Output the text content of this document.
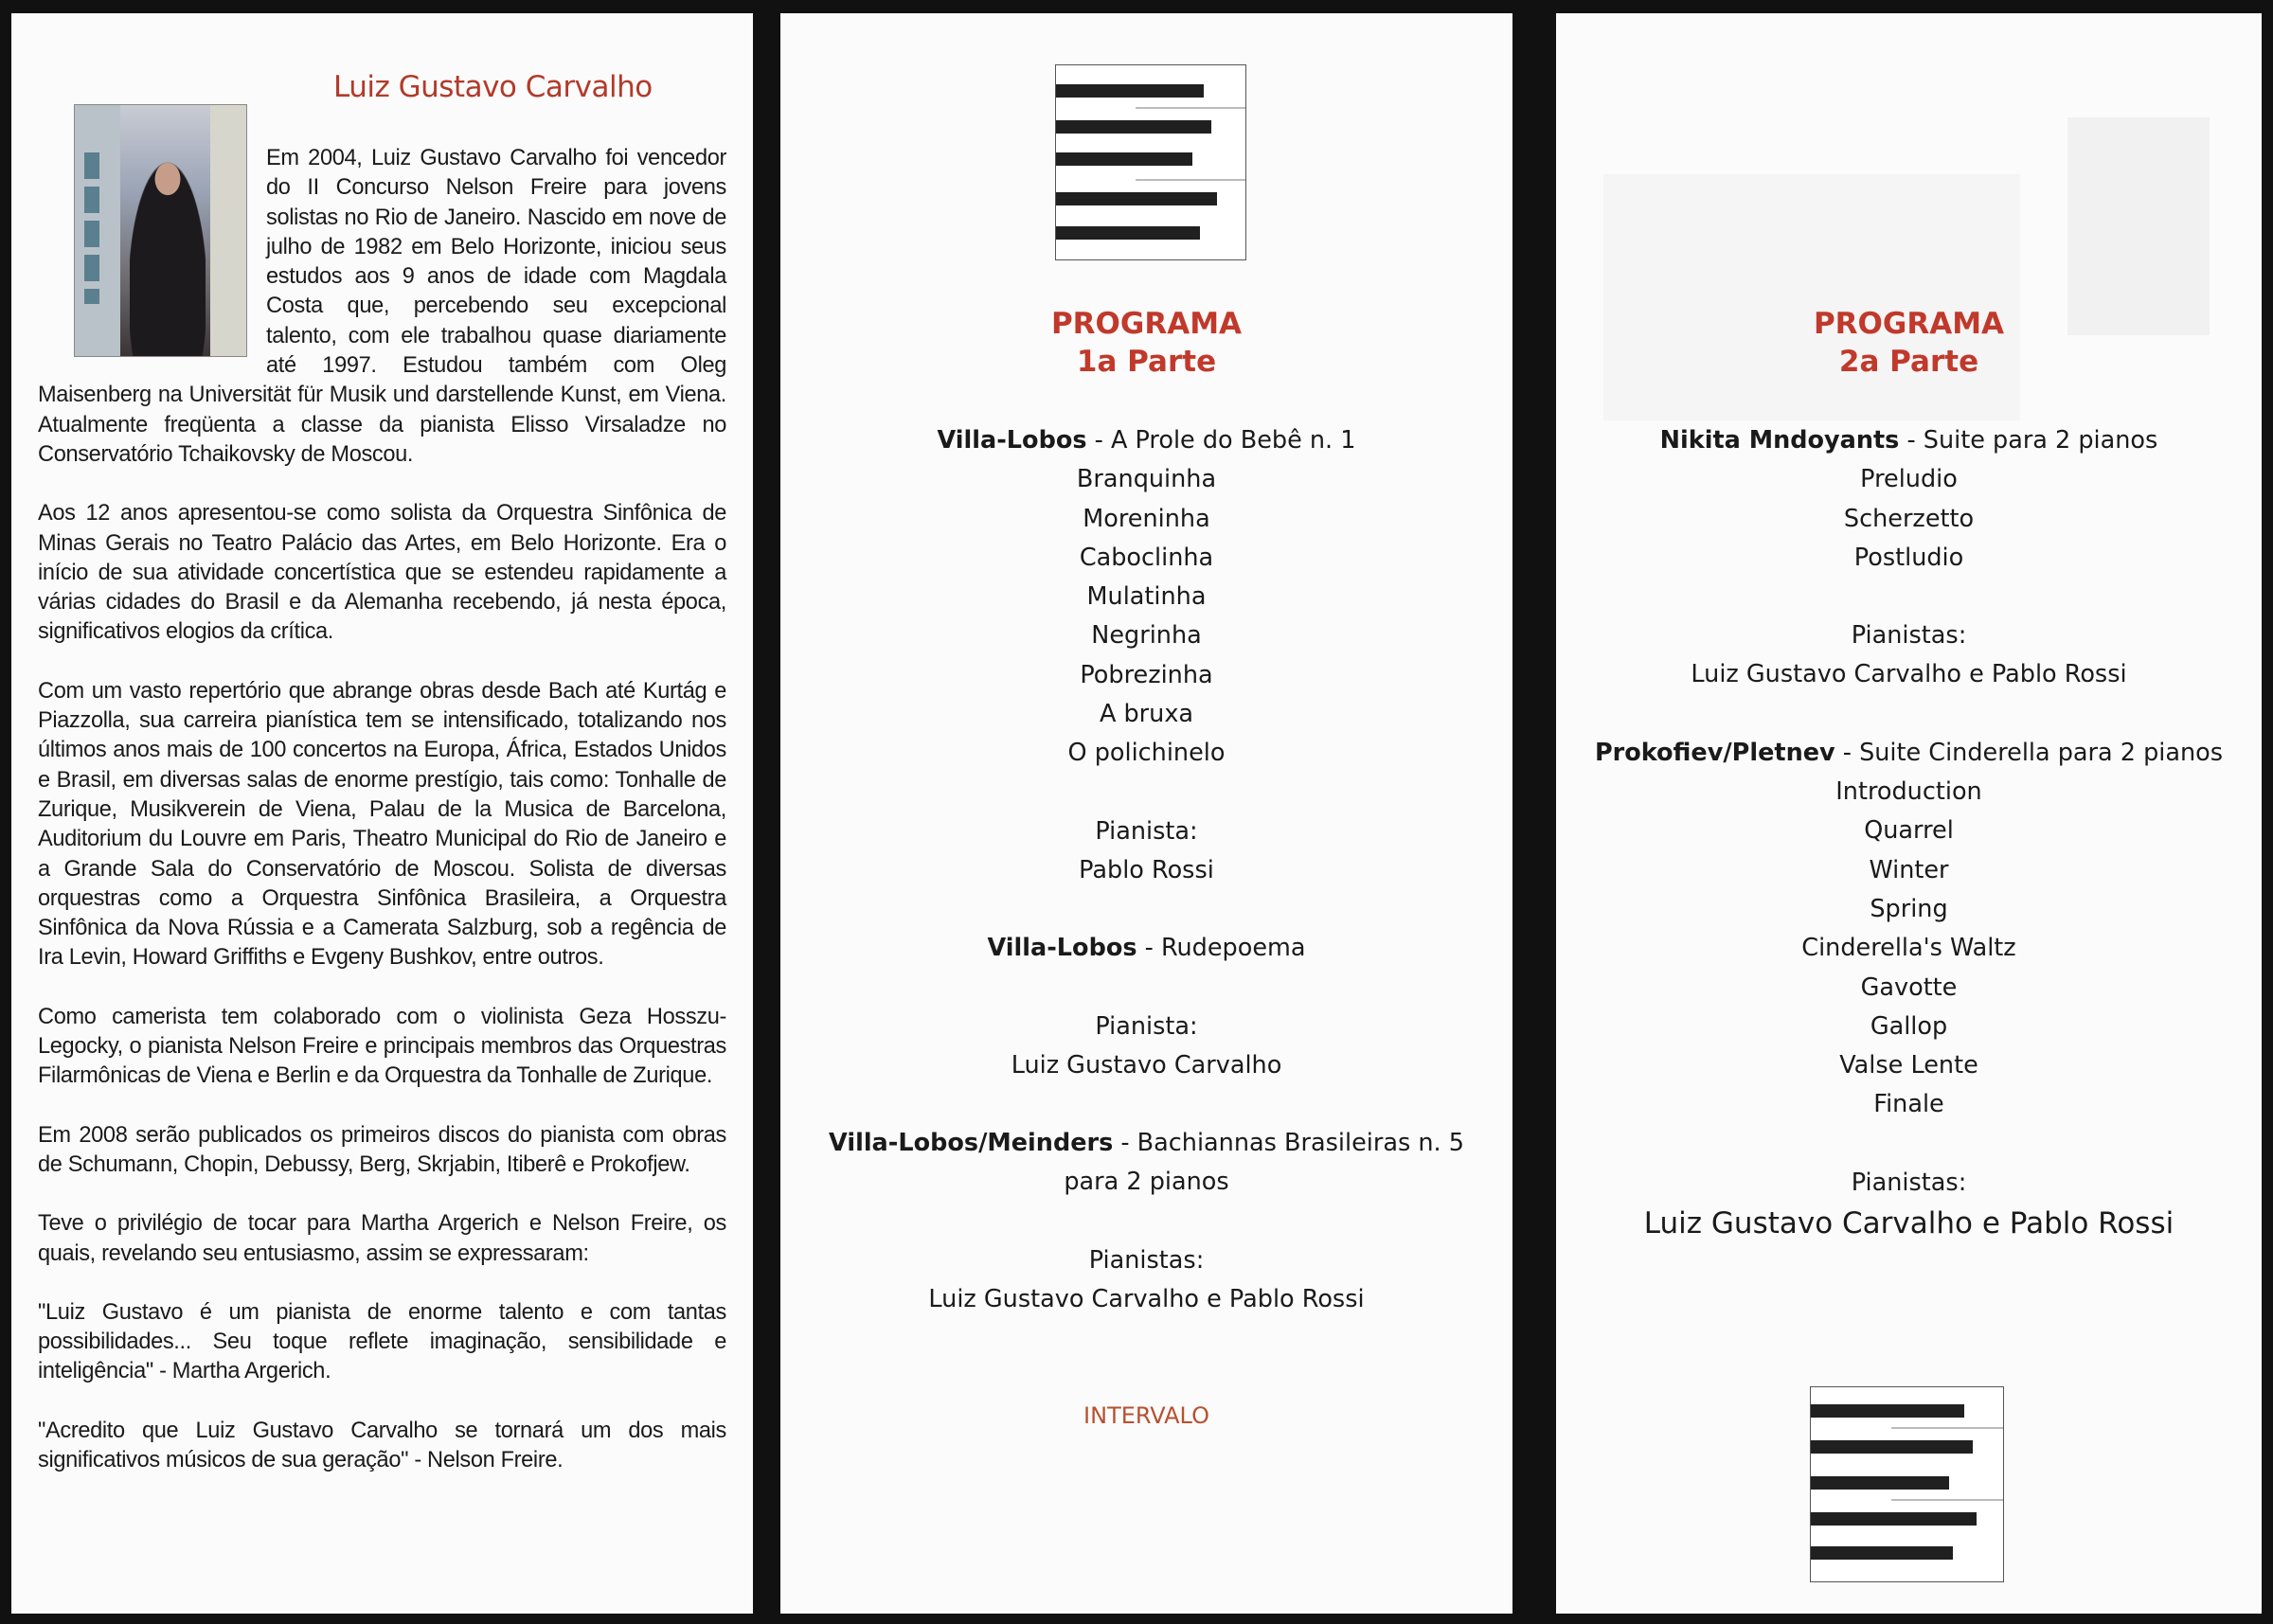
Luiz Gustavo Carvalho

Em 2004, Luiz Gustavo Carvalho foi vencedor do II Concurso Nelson Freire para jovens solistas no Rio de Janeiro. Nascido em nove de julho de 1982 em Belo Horizonte, iniciou seus estudos aos 9 anos de idade com Magdala Costa que, percebendo seu excepcional talento, com ele trabalhou quase diariamente até 1997. Estudou também com Oleg Maisenberg na Universität für Musik und darstellende Kunst, em Viena. Atualmente freqüenta a classe da pianista Elisso Virsaladze no Conservatório Tchaikovsky de Moscou.

Aos 12 anos apresentou-se como solista da Orquestra Sinfônica de Minas Gerais no Teatro Palácio das Artes, em Belo Horizonte. Era o início de sua atividade concertística que se estendeu rapidamente a várias cidades do Brasil e da Alemanha recebendo, já nesta época, significativos elogios da crítica.

Com um vasto repertório que abrange obras desde Bach até Kurtág e Piazzolla, sua carreira pianística tem se intensificado, totalizando nos últimos anos mais de 100 concertos na Europa, África, Estados Unidos e Brasil, em diversas salas de enorme prestígio, tais como: Tonhalle de Zurique, Musikverein de Viena, Palau de la Musica de Barcelona, Auditorium du Louvre em Paris, Theatro Municipal do Rio de Janeiro e a Grande Sala do Conservatório de Moscou. Solista de diversas orquestras como a Orquestra Sinfônica Brasileira, a Orquestra Sinfônica da Nova Rússia e a Camerata Salzburg, sob a regência de Ira Levin, Howard Griffiths e Evgeny Bushkov, entre outros.

Como camerista tem colaborado com o violinista Geza Hosszu-Legocky, o pianista Nelson Freire e principais membros das Orquestras Filarmônicas de Viena e Berlin e da Orquestra da Tonhalle de Zurique.

Em 2008 serão publicados os primeiros discos do pianista com obras de Schumann, Chopin, Debussy, Berg, Skrjabin, Itiberê e Prokofjew.

Teve o privilégio de tocar para Martha Argerich e Nelson Freire, os quais, revelando seu entusiasmo, assim se expressaram:

"Luiz Gustavo é um pianista de enorme talento e com tantas possibilidades... Seu toque reflete imaginação, sensibilidade e inteligência" - Martha Argerich.

"Acredito que Luiz Gustavo Carvalho se tornará um dos mais significativos músicos de sua geração" - Nelson Freire.

PROGRAMA
1a Parte
Villa-Lobos - A Prole do Bebê n. 1
Branquinha
Moreninha
Caboclinha
Mulatinha
Negrinha
Pobrezinha
A bruxa
O polichinelo
Pianista:
Pablo Rossi
Villa-Lobos - Rudepoema
Pianista:
Luiz Gustavo Carvalho
Villa-Lobos/Meinders - Bachiannas Brasileiras n. 5
para 2 pianos
Pianistas:
Luiz Gustavo Carvalho e Pablo Rossi
INTERVALO
PROGRAMA
2a Parte
Nikita Mndoyants - Suite para 2 pianos
Preludio
Scherzetto
Postludio
Pianistas:
Luiz Gustavo Carvalho e Pablo Rossi
Prokofiev/Pletnev - Suite Cinderella para 2 pianos
Introduction
Quarrel
Winter
Spring
Cinderella's Waltz
Gavotte
Gallop
Valse Lente
Finale
Pianistas:
Luiz Gustavo Carvalho e Pablo Rossi
